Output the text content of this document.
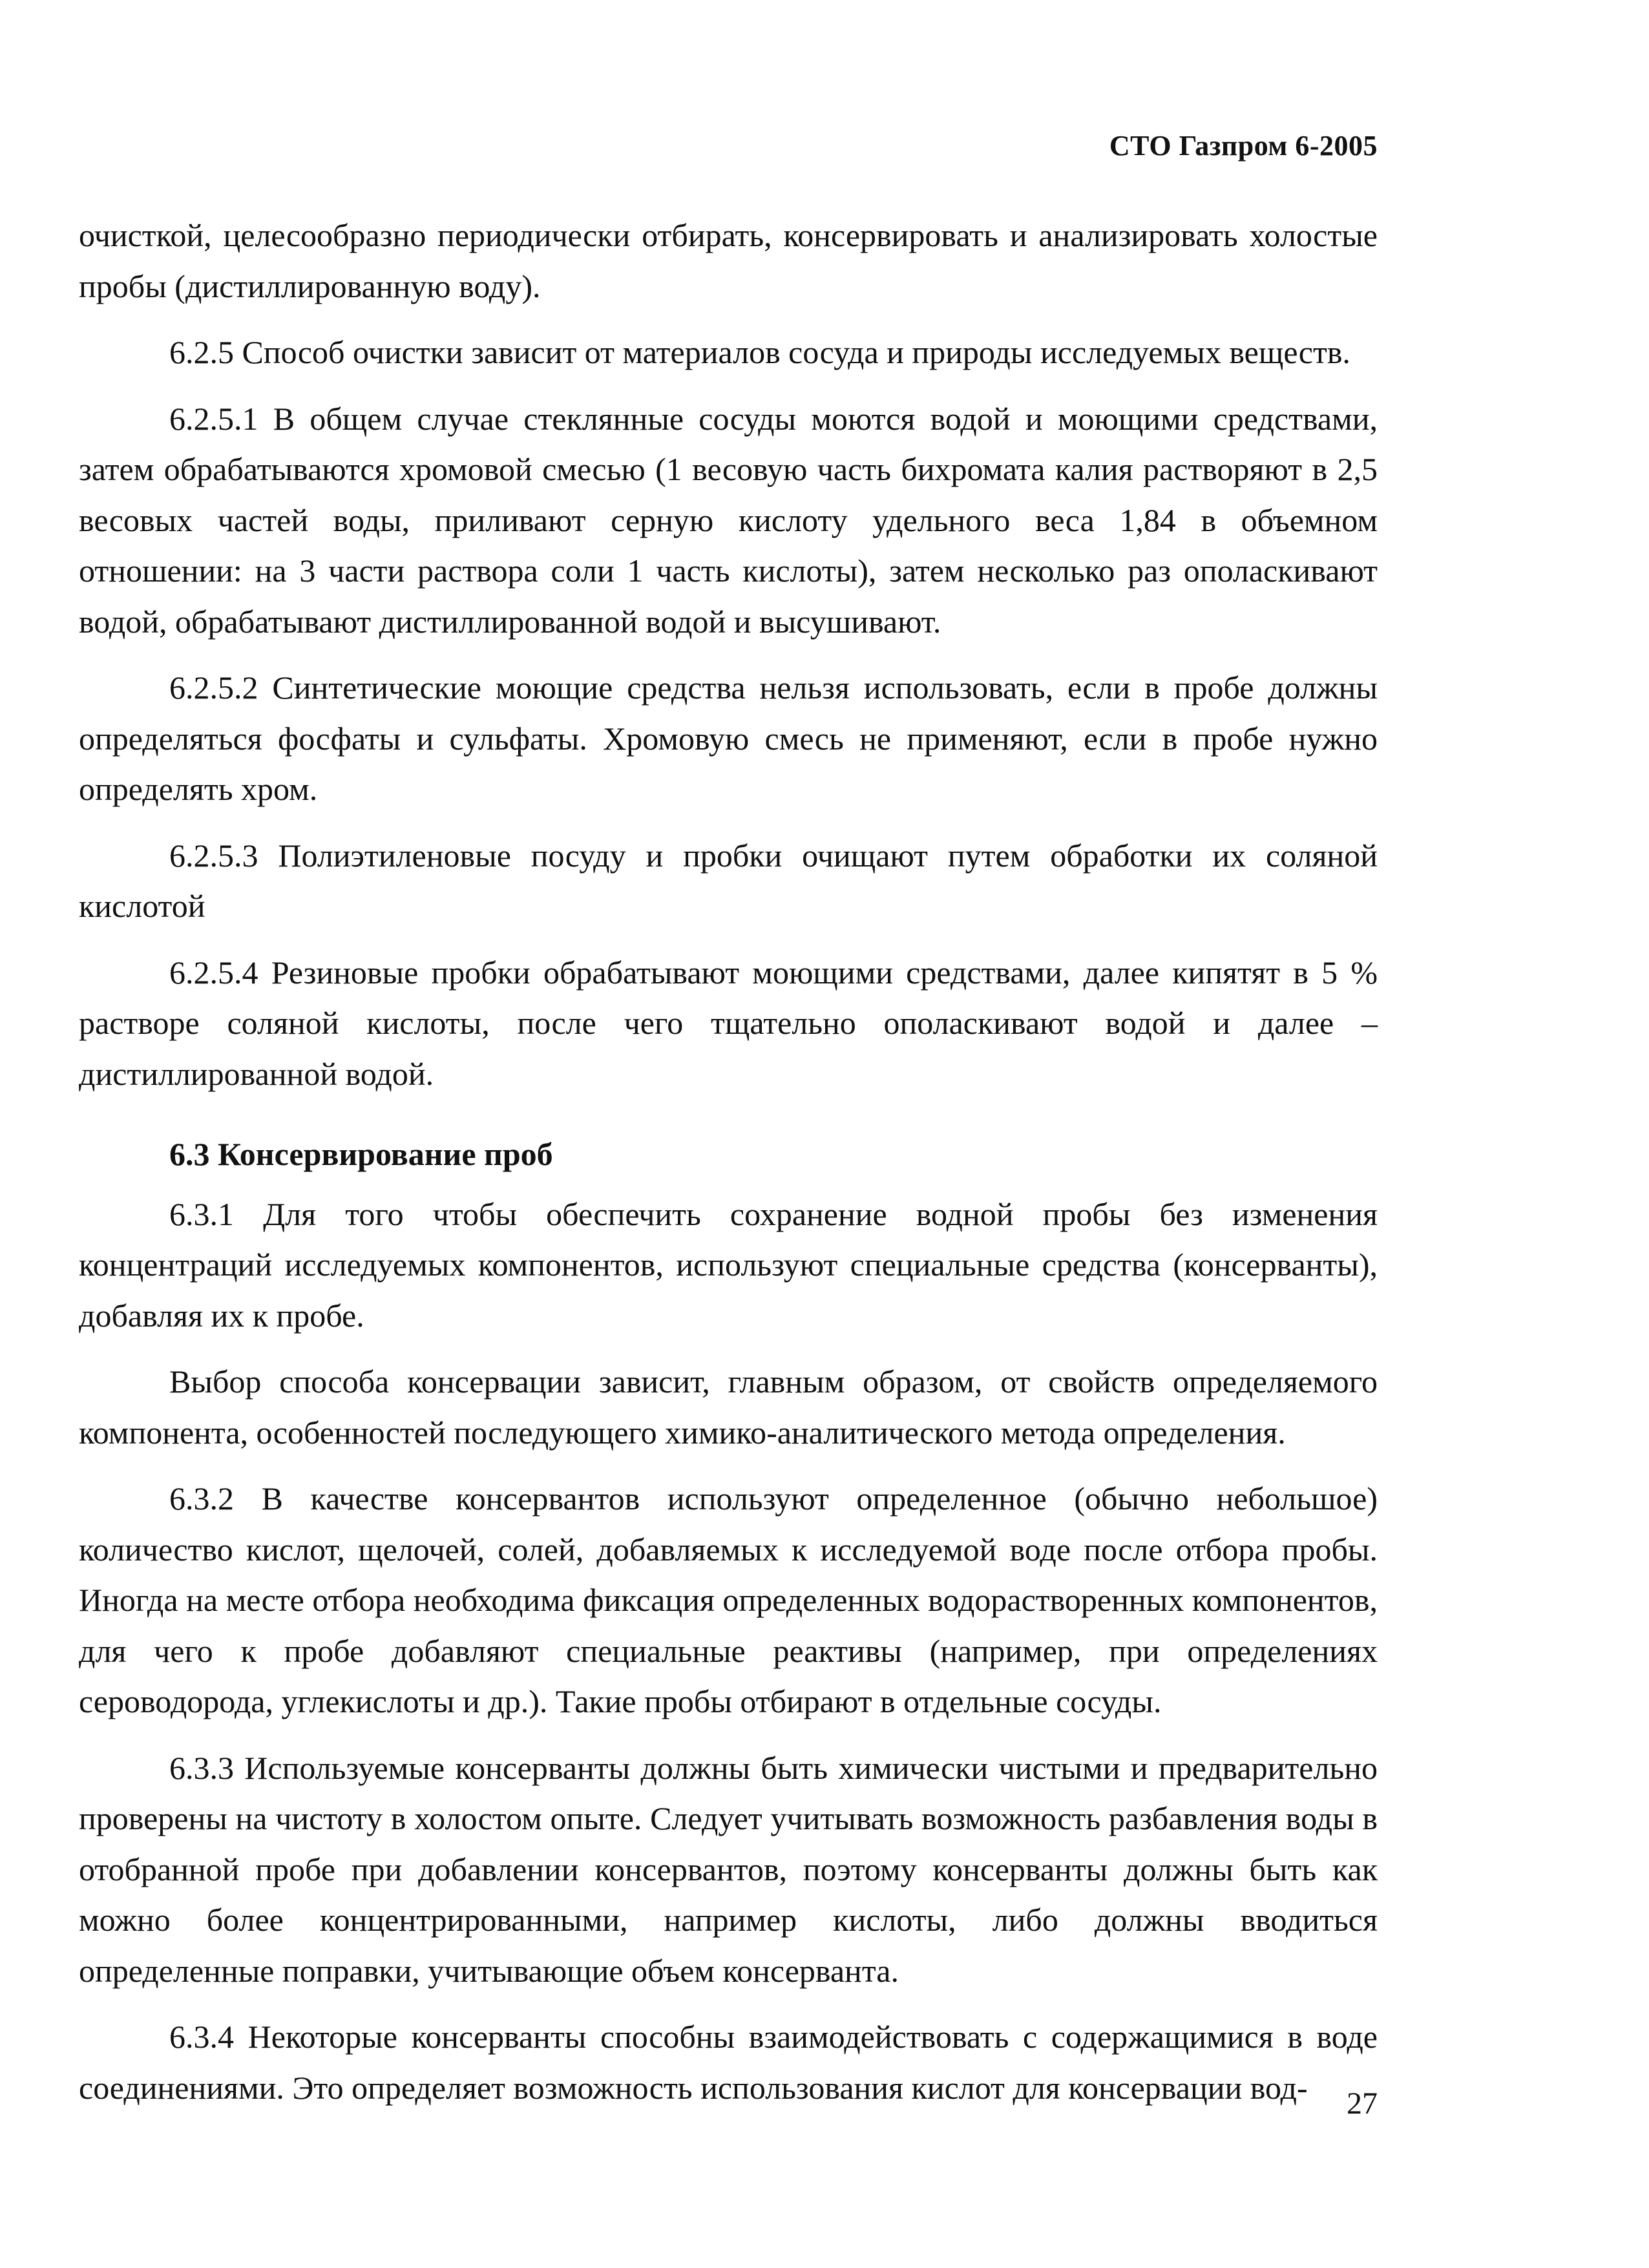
СТО Газпром 6-2005

очисткой, целесообразно периодически отбирать, консервировать и анализировать холостые пробы (дистиллированную воду).

6.2.5 Способ очистки зависит от материалов сосуда и природы исследуемых веществ.

6.2.5.1 В общем случае стеклянные сосуды моются водой и моющими средствами, затем обрабатываются хромовой смесью (1 весовую часть бихромата калия растворяют в 2,5 весовых частей воды, приливают серную кислоту удельного веса 1,84 в объемном отношении: на 3 части раствора соли 1 часть кислоты), затем несколько раз ополаскивают водой, обрабатывают дистиллированной водой и высушивают.

6.2.5.2 Синтетические моющие средства нельзя использовать, если в пробе должны определяться фосфаты и сульфаты. Хромовую смесь не применяют, если в пробе нужно определять хром.

6.2.5.3 Полиэтиленовые посуду и пробки очищают путем обработки их соляной кислотой

6.2.5.4 Резиновые пробки обрабатывают моющими средствами, далее кипятят в 5 % растворе соляной кислоты, после чего тщательно ополаскивают водой и далее – дистиллированной водой.

6.3 Консервирование проб

6.3.1 Для того чтобы обеспечить сохранение водной пробы без изменения концентраций исследуемых компонентов, используют специальные средства (консерванты), добавляя их к пробе.

Выбор способа консервации зависит, главным образом, от свойств определяемого компонента, особенностей последующего химико-аналитического метода определения.

6.3.2 В качестве консервантов используют определенное (обычно небольшое) количество кислот, щелочей, солей, добавляемых к исследуемой воде после отбора пробы. Иногда на месте отбора необходима фиксация определенных водорастворенных компонентов, для чего к пробе добавляют специальные реактивы (например, при определениях сероводорода, углекислоты и др.). Такие пробы отбирают в отдельные сосуды.

6.3.3 Используемые консерванты должны быть химически чистыми и предварительно проверены на чистоту в холостом опыте. Следует учитывать возможность разбавления воды в отобранной пробе при добавлении консервантов, поэтому консерванты должны быть как можно более концентрированными, например кислоты, либо должны вводиться определенные поправки, учитывающие объем консерванта.

6.3.4 Некоторые консерванты способны взаимодействовать с содержащимися в воде соединениями. Это определяет возможность использования кислот для консервации вод-	27
